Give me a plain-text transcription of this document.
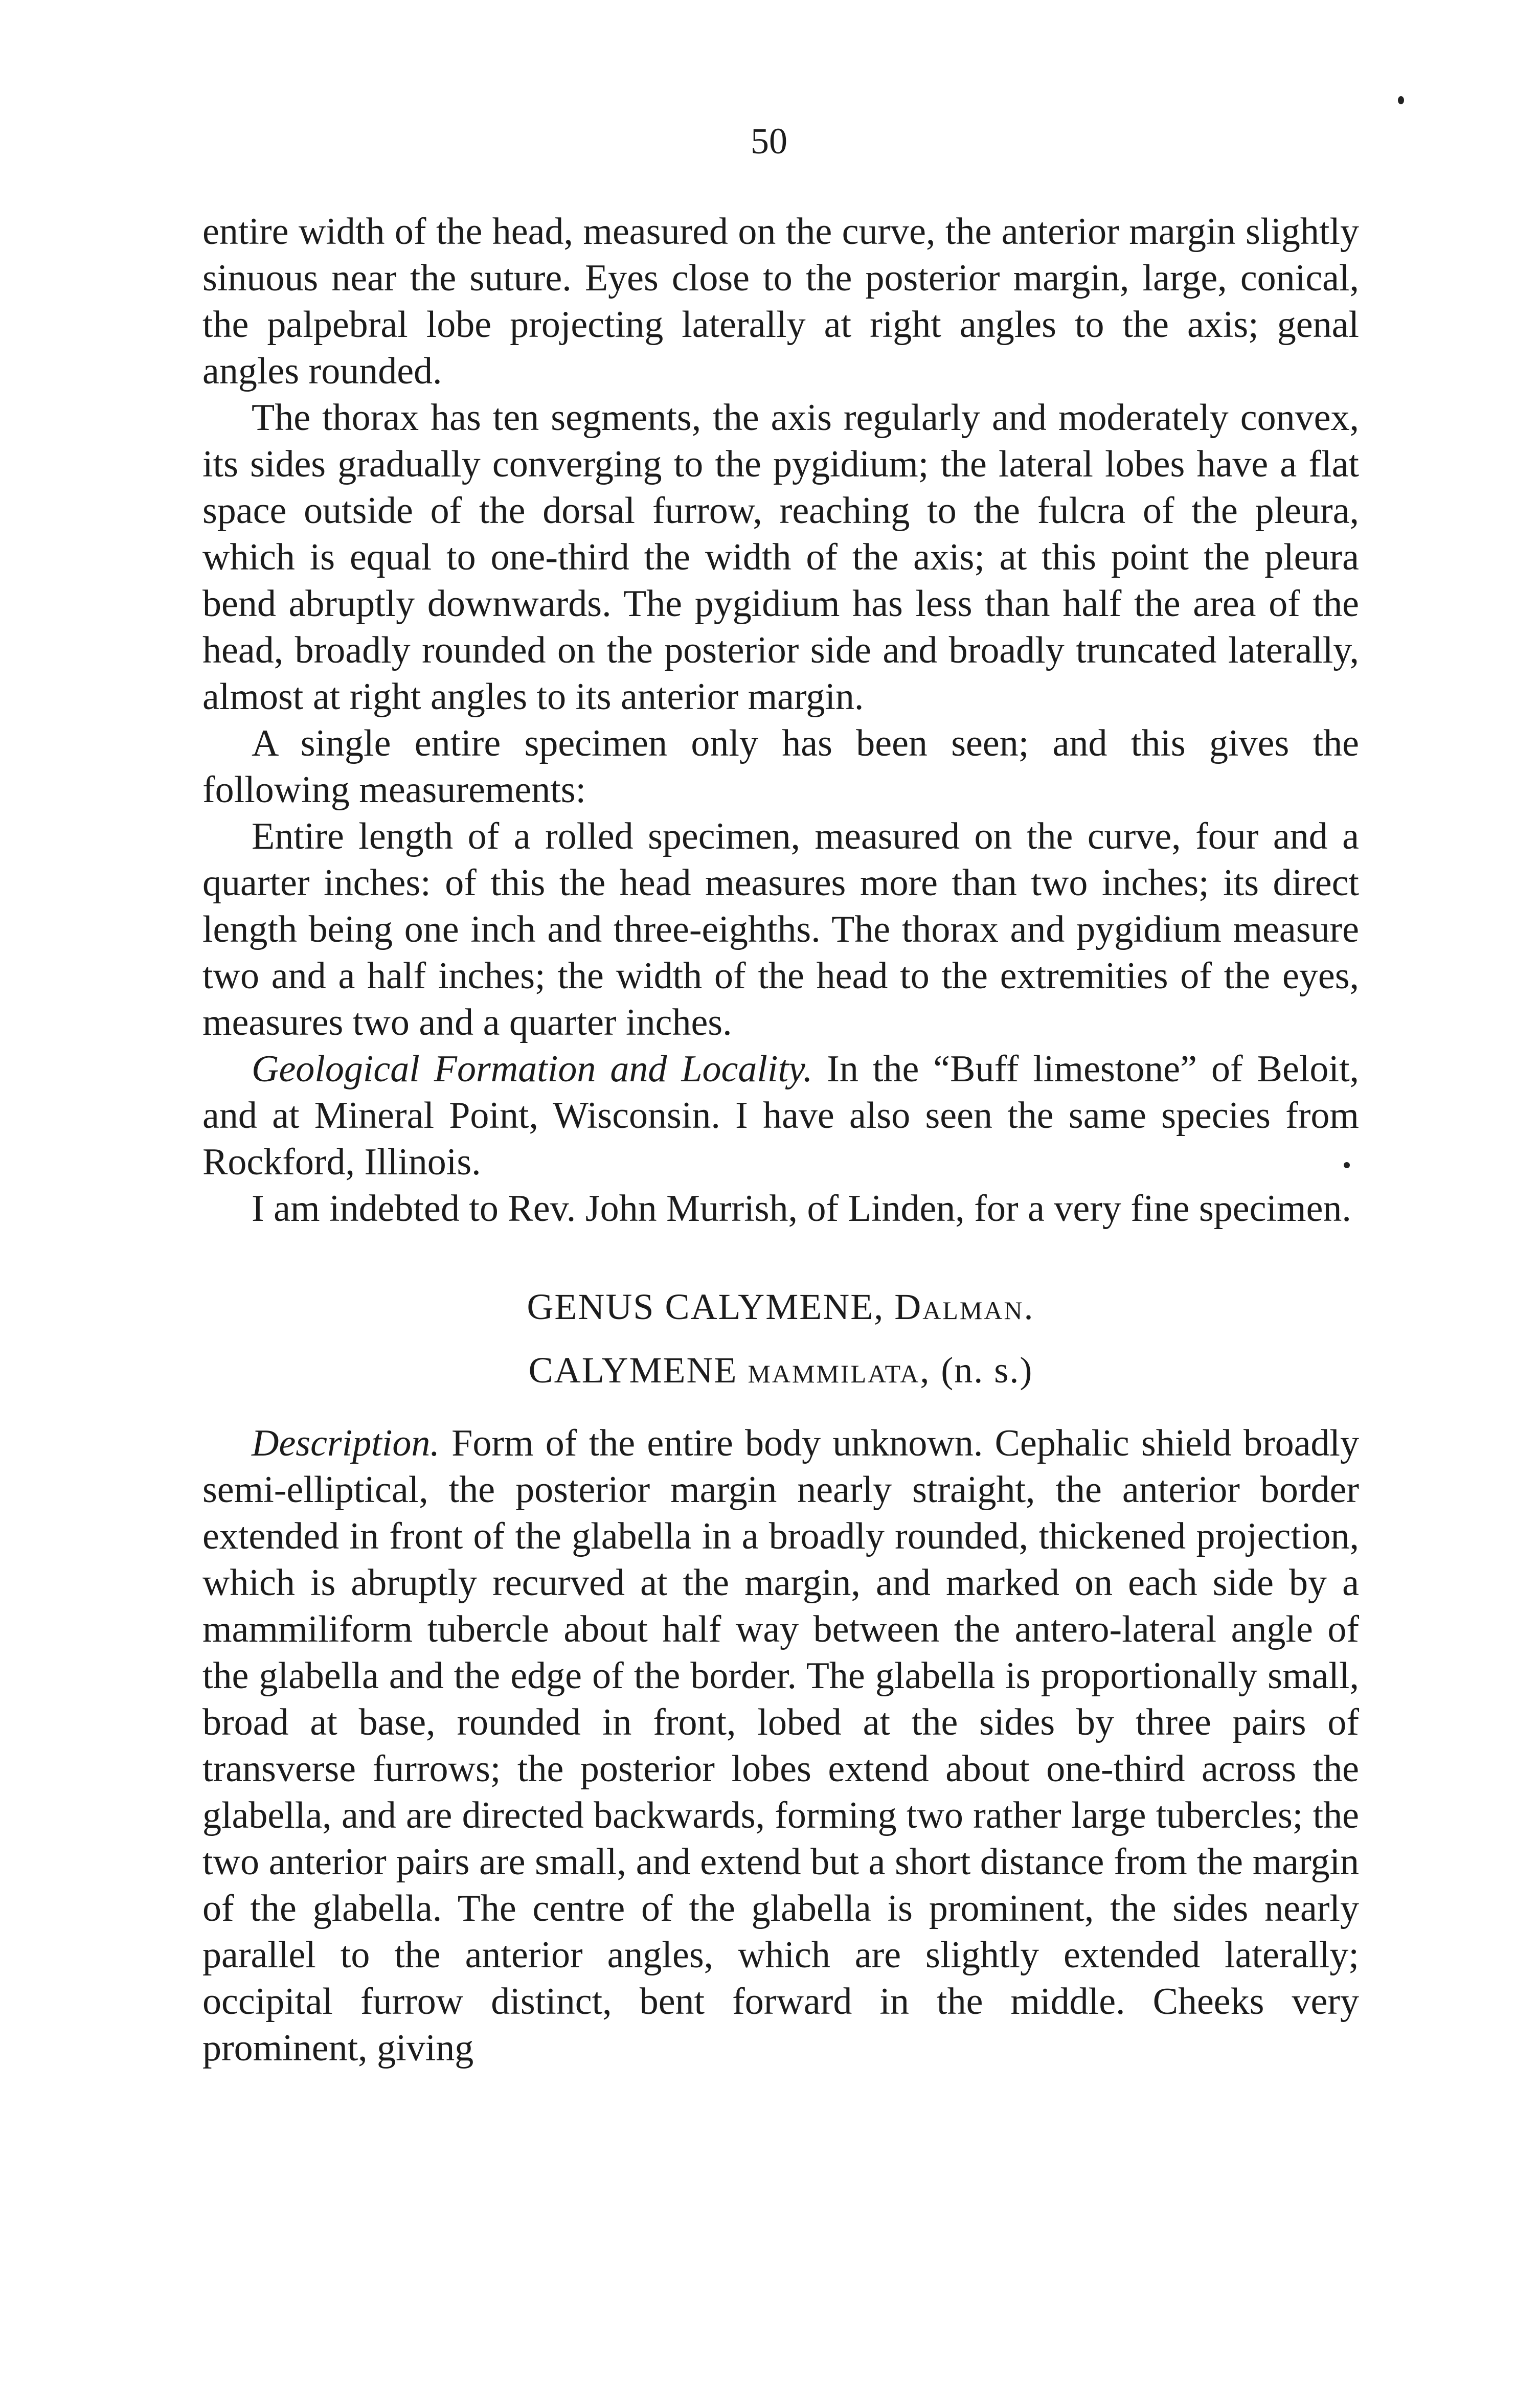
50

entire width of the head, measured on the curve, the anterior margin slightly sinuous near the suture. Eyes close to the posterior margin, large, conical, the palpebral lobe projecting laterally at right angles to the axis; genal angles rounded.

The thorax has ten segments, the axis regularly and moderately convex, its sides gradually converging to the pygidium; the lateral lobes have a flat space outside of the dorsal furrow, reaching to the fulcra of the pleura, which is equal to one-third the width of the axis; at this point the pleura bend abruptly downwards. The pygidium has less than half the area of the head, broadly rounded on the posterior side and broadly truncated laterally, almost at right angles to its anterior margin.

A single entire specimen only has been seen; and this gives the following measurements:

Entire length of a rolled specimen, measured on the curve, four and a quarter inches: of this the head measures more than two inches; its direct length being one inch and three-eighths. The thorax and pygidium measure two and a half inches; the width of the head to the extremities of the eyes, measures two and a quarter inches.

Geological Formation and Locality. In the “Buff limestone” of Beloit, and at Mineral Point, Wisconsin. I have also seen the same species from Rockford, Illinois.

I am indebted to Rev. John Murrish, of Linden, for a very fine specimen.

GENUS CALYMENE, Dalman.

CALYMENE mammilata, (n. s.)

Description. Form of the entire body unknown. Cephalic shield broadly semi-elliptical, the posterior margin nearly straight, the anterior border extended in front of the glabella in a broadly rounded, thickened projection, which is abruptly recurved at the margin, and marked on each side by a mammiliform tubercle about half way between the antero-lateral angle of the glabella and the edge of the border. The glabella is proportionally small, broad at base, rounded in front, lobed at the sides by three pairs of transverse furrows; the posterior lobes extend about one-third across the glabella, and are directed backwards, forming two rather large tubercles; the two anterior pairs are small, and extend but a short distance from the margin of the glabella. The centre of the glabella is prominent, the sides nearly parallel to the anterior angles, which are slightly extended laterally; occipital furrow distinct, bent forward in the middle. Cheeks very prominent, giving
